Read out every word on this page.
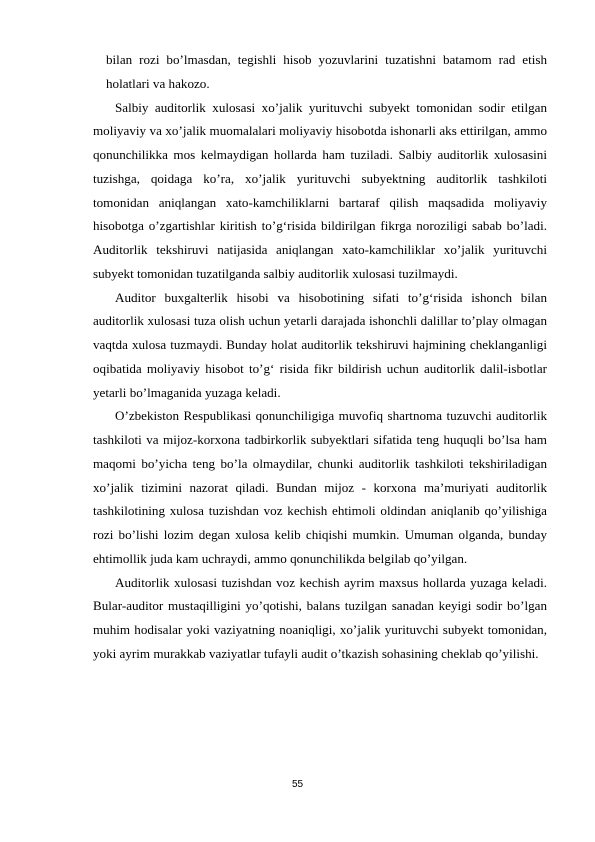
bilan rozi bo’lmasdan, tegishli hisob yozuvlarini tuzatishni batamom rad etish holatlari va hakozo.

Salbiy auditorlik xulosasi xo’jalik yurituvchi subyekt tomonidan sodir etilgan moliyaviy va xo’jalik muomalalari moliyaviy hisobotda ishonarli aks ettirilgan, ammo qonunchilikka mos kelmaydigan hollarda ham tuziladi. Salbiy auditorlik xulosasini tuzishga, qoidaga ko’ra, xo’jalik yurituvchi subyektning auditorlik tashkiloti tomonidan aniqlangan xato-kamchiliklarni bartaraf qilish maqsadida moliyaviy hisobotga o’zgartishlar kiritish to’g‘risida bildirilgan fikrga noroziligi sabab bo’ladi. Auditorlik tekshiruvi natijasida aniqlangan xato-kamchiliklar xo’jalik yurituvchi subyekt tomonidan tuzatilganda salbiy auditorlik xulosasi tuzilmaydi.

Auditor buxgalterlik hisobi va hisobotining sifati to’g‘risida ishonch bilan auditorlik xulosasi tuza olish uchun yetarli darajada ishonchli dalillar to’play olmagan vaqtda xulosa tuzmaydi. Bunday holat auditorlik tekshiruvi hajmining cheklanganligi oqibatida moliyaviy hisobot to’g‘ risida fikr bildirish uchun auditorlik dalil-isbotlar yetarli bo’lmaganida yuzaga keladi.

O’zbekiston Respublikasi qonunchiligiga muvofiq shartnoma tuzuvchi auditorlik tashkiloti va mijoz-korxona tadbirkorlik subyektlari sifatida teng huquqli bo’lsa ham maqomi bo’yicha teng bo’la olmaydilar, chunki auditorlik tashkiloti tekshiriladigan xo’jalik tizimini nazorat qiladi. Bundan mijoz - korxona ma’muriyati auditorlik tashkilotining xulosa tuzishdan voz kechish ehtimoli oldindan aniqlanib qo’yilishiga rozi bo’lishi lozim degan xulosa kelib chiqishi mumkin. Umuman olganda, bunday ehtimollik juda kam uchraydi, ammo qonunchilikda belgilab qo’yilgan.

Auditorlik xulosasi tuzishdan voz kechish ayrim maxsus hollarda yuzaga keladi. Bular-auditor mustaqilligini yo’qotishi, balans tuzilgan sanadan keyigi sodir bo’lgan muhim hodisalar yoki vaziyatning noaniqligi, xo’jalik yurituvchi subyekt tomonidan, yoki ayrim murakkab vaziyatlar tufayli audit o’tkazish sohasining cheklab qo’yilishi.

55
